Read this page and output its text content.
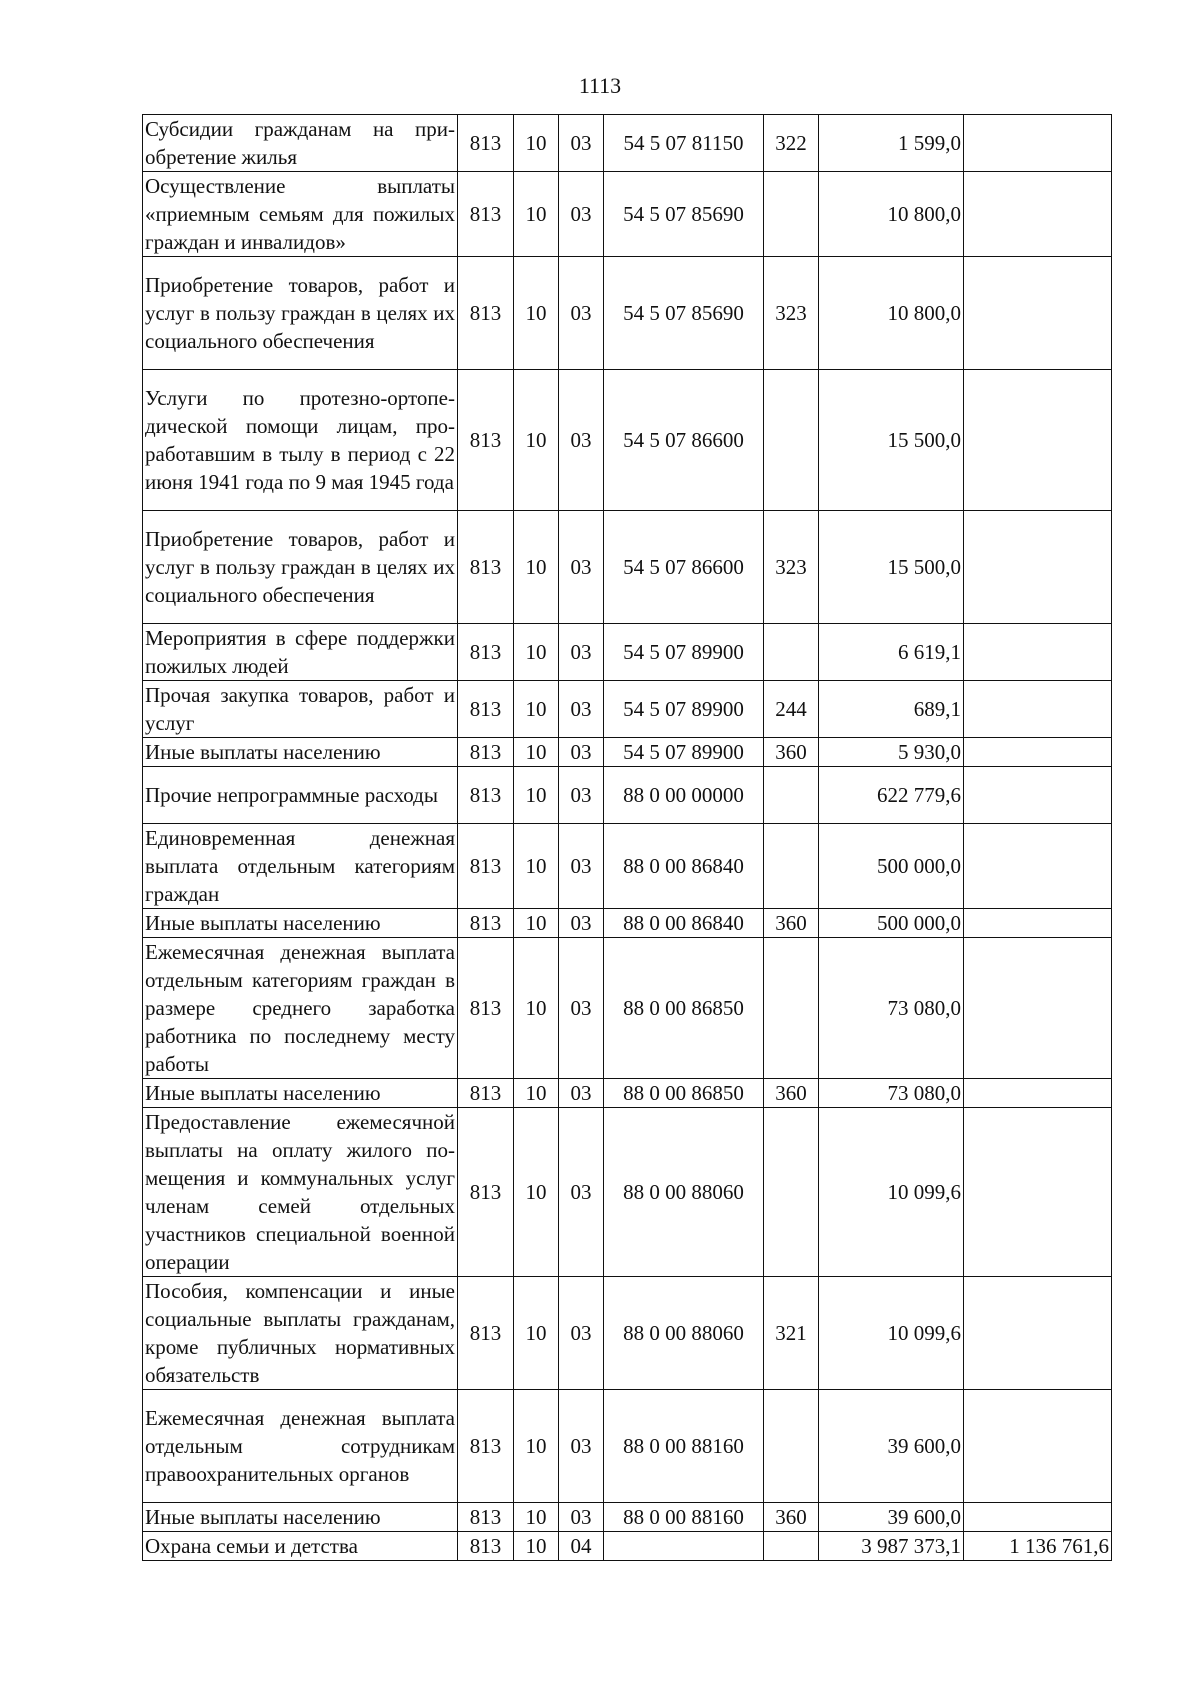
1113
Субсидии гражданам на приобретение жилья	813	10	03	54 5 07 81150	322	1 599,0	
Осуществление выплаты «приемным семьям для пожилых граждан и инвалидов»	813	10	03	54 5 07 85690		10 800,0	
Приобретение товаров, работ и услуг в пользу граждан в целях их социального обеспечения	813	10	03	54 5 07 85690	323	10 800,0	
Услуги по протезно-ортопедической помощи лицам, проработавшим в тылу в период с 22 июня 1941 года по 9 мая 1945 года	813	10	03	54 5 07 86600		15 500,0	
Приобретение товаров, работ и услуг в пользу граждан в целях их социального обеспечения	813	10	03	54 5 07 86600	323	15 500,0	
Мероприятия в сфере поддержки пожилых людей	813	10	03	54 5 07 89900		6 619,1	
Прочая закупка товаров, работ и услуг	813	10	03	54 5 07 89900	244	689,1	
Иные выплаты населению	813	10	03	54 5 07 89900	360	5 930,0	
Прочие непрограммные расходы	813	10	03	88 0 00 00000		622 779,6	
Единовременная денежная выплата отдельным категориям граждан	813	10	03	88 0 00 86840		500 000,0	
Иные выплаты населению	813	10	03	88 0 00 86840	360	500 000,0	
Ежемесячная денежная выплата отдельным категориям граждан в размере среднего заработка работника по последнему месту работы	813	10	03	88 0 00 86850		73 080,0	
Иные выплаты населению	813	10	03	88 0 00 86850	360	73 080,0	
Предоставление ежемесячной выплаты на оплату жилого помещения и коммунальных услуг членам семей отдельных участников специальной военной операции	813	10	03	88 0 00 88060		10 099,6	
Пособия, компенсации и иные социальные выплаты гражданам, кроме публичных нормативных обязательств	813	10	03	88 0 00 88060	321	10 099,6	
Ежемесячная денежная выплата отдельным сотрудникам правоохранительных органов	813	10	03	88 0 00 88160		39 600,0	
Иные выплаты населению	813	10	03	88 0 00 88160	360	39 600,0	
Охрана семьи и детства	813	10	04			3 987 373,1	1 136 761,6
